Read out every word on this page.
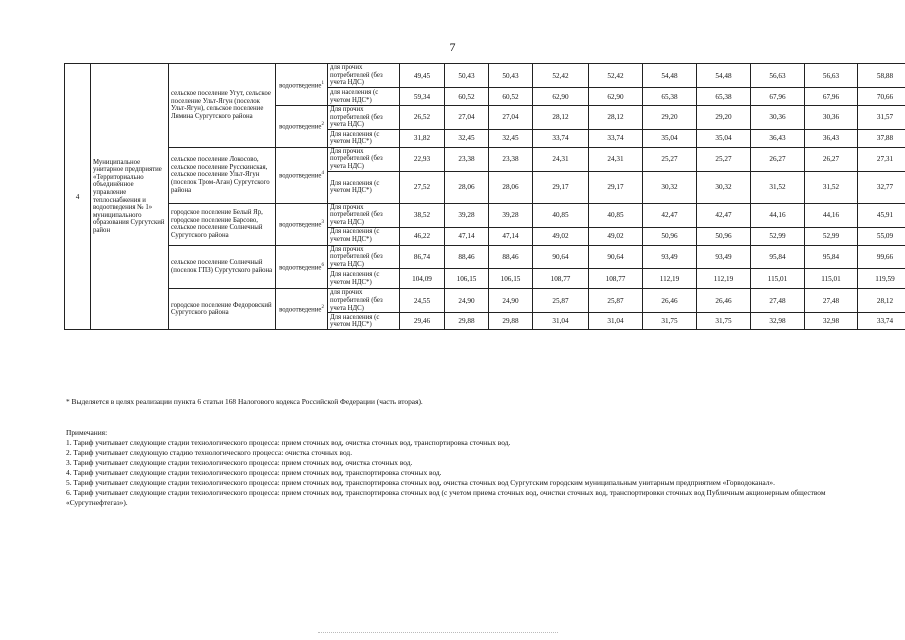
7
4	Муниципальное унитарное предприятие «Территориально объединённое управление теплоснабжения и водоотведения № 1» муниципального образования Сургутский район	сельское поселение Угут, сельское поселение Ульт-Ягун (поселок Ульт-Ягун), сельское поселение Лямина Сургутского района	водоотведение$^1$	для прочих потребителей (без учета НДС)	49,45	50,43	50,43	52,42	52,42	54,48	54,48	56,63	56,63	58,88
				для населения (с учетом НДС*)	59,34	60,52	60,52	62,90	62,90	65,38	65,38	67,96	67,96	70,66
			водоотведение$^2$	Для прочих потребителей (без учета НДС)	26,52	27,04	27,04	28,12	28,12	29,20	29,20	30,36	30,36	31,57
				Для населения (с учетом НДС*)	31,82	32,45	32,45	33,74	33,74	35,04	35,04	36,43	36,43	37,88
		сельское поселение Локосово, сельское поселение Русскинская, сельское поселение Ульт-Ягун (поселок Тром-Аган) Сургутского района	водоотведение$^4$	Для прочих потребителей (без учета НДС)	22,93	23,38	23,38	24,31	24,31	25,27	25,27	26,27	26,27	27,31
				Для населения (с учетом НДС*)	27,52	28,06	28,06	29,17	29,17	30,32	30,32	31,52	31,52	32,77
		городское поселение Белый Яр, городское поселение Барсово, сельское поселение Солнечный Сургутского района	водоотведение$^3$	Для прочих потребителей (без учета НДС)	38,52	39,28	39,28	40,85	40,85	42,47	42,47	44,16	44,16	45,91
				Для населения (с учетом НДС*)	46,22	47,14	47,14	49,02	49,02	50,96	50,96	52,99	52,99	55,09
		сельское поселение Солнечный (поселок ГПЗ) Сургутского района	водоотведение$^6$	Для прочих потребителей (без учета НДС)	86,74	88,46	88,46	90,64	90,64	93,49	93,49	95,84	95,84	99,66
				Для населения (с учетом НДС*)	104,09	106,15	106,15	108,77	108,77	112,19	112,19	115,01	115,01	119,59
		городское поселение Федоровский Сургутского района	водоотведение$^2$	для прочих потребителей (без учета НДС)	24,55	24,90	24,90	25,87	25,87	26,46	26,46	27,48	27,48	28,12
				Для населения (с учетом НДС*)	29,46	29,88	29,88	31,04	31,04	31,75	31,75	32,98	32,98	33,74
* Выделяется в целях реализации пункта 6 статьи 168 Налогового кодекса Российской Федерации (часть вторая).

Примечания:

1. Тариф учитывает следующие стадии технологического процесса: прием сточных вод, очистка сточных вод, транспортировка сточных вод.

2. Тариф учитывает следующую стадию технологического процесса: очистка сточных вод.

3. Тариф учитывает следующие стадии технологического процесса: прием сточных вод, очистка сточных вод.

4. Тариф учитывает следующие стадии технологического процесса: прием сточных вод, транспортировка сточных вод.

5. Тариф учитывает следующие стадии технологического процесса: прием сточных вод, транспортировка сточных вод, очистка сточных вод Сургутским городским муниципальным унитарным предприятием «Горводоканал».

6. Тариф учитывает следующие стадии технологического процесса: прием сточных вод, транспортировка сточных вод (с учетом приема сточных вод, очистки сточных вод, транспортировки сточных вод Публичным акционерным обществом «Сургутнефтегаз»).
